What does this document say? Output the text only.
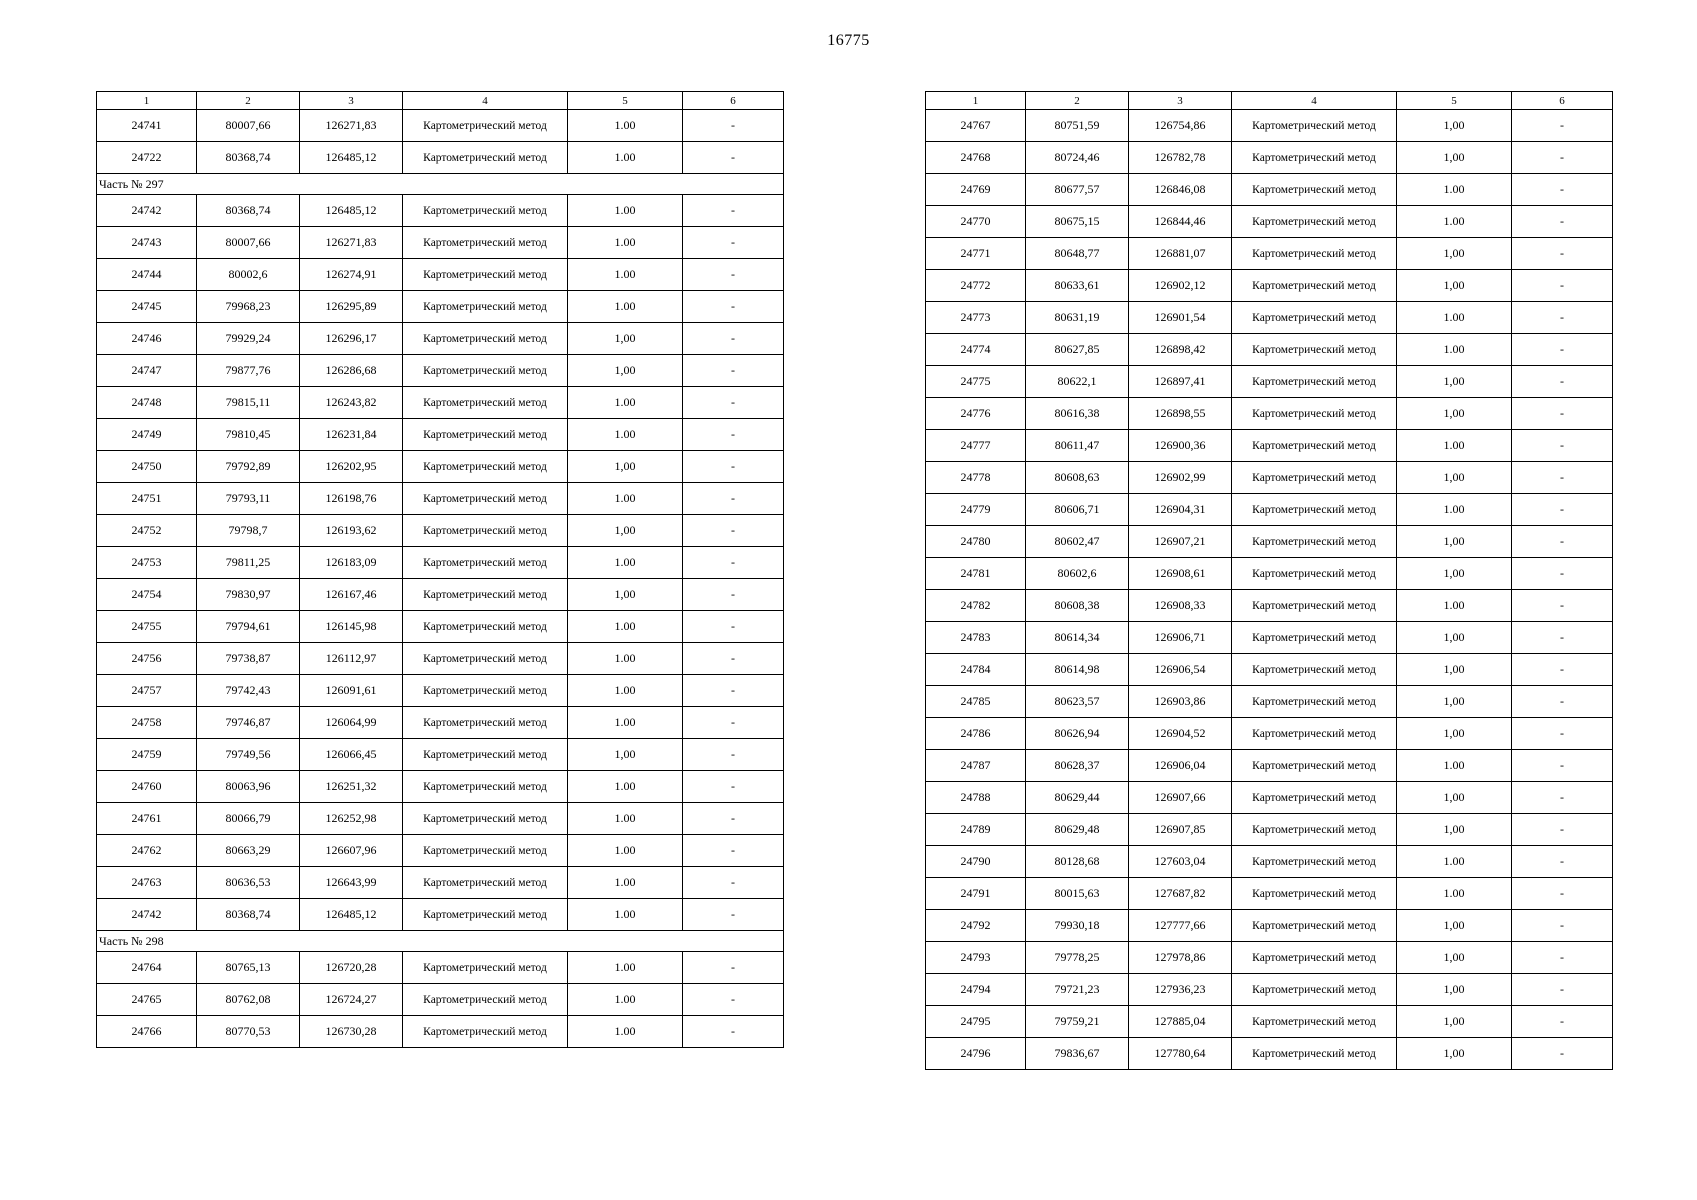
16775
1	2	3	4	5	6
24741	80007,66	126271,83	Картометрический метод	1.00	-
24722	80368,74	126485,12	Картометрический метод	1.00	-
Часть № 297					
24742	80368,74	126485,12	Картометрический метод	1.00	-
24743	80007,66	126271,83	Картометрический метод	1.00	-
24744	80002,6	126274,91	Картометрический метод	1.00	-
24745	79968,23	126295,89	Картометрический метод	1.00	-
24746	79929,24	126296,17	Картометрический метод	1,00	-
24747	79877,76	126286,68	Картометрический метод	1,00	-
24748	79815,11	126243,82	Картометрический метод	1.00	-
24749	79810,45	126231,84	Картометрический метод	1.00	-
24750	79792,89	126202,95	Картометрический метод	1,00	-
24751	79793,11	126198,76	Картометрический метод	1.00	-
24752	79798,7	126193,62	Картометрический метод	1,00	-
24753	79811,25	126183,09	Картометрический метод	1.00	-
24754	79830,97	126167,46	Картометрический метод	1,00	-
24755	79794,61	126145,98	Картометрический метод	1.00	-
24756	79738,87	126112,97	Картометрический метод	1.00	-
24757	79742,43	126091,61	Картометрический метод	1.00	-
24758	79746,87	126064,99	Картометрический метод	1.00	-
24759	79749,56	126066,45	Картометрический метод	1,00	-
24760	80063,96	126251,32	Картометрический метод	1.00	-
24761	80066,79	126252,98	Картометрический метод	1.00	-
24762	80663,29	126607,96	Картометрический метод	1.00	-
24763	80636,53	126643,99	Картометрический метод	1.00	-
24742	80368,74	126485,12	Картометрический метод	1.00	-
Часть № 298					
24764	80765,13	126720,28	Картометрический метод	1.00	-
24765	80762,08	126724,27	Картометрический метод	1.00	-
24766	80770,53	126730,28	Картометрический метод	1.00	-
1	2	3	4	5	6
24767	80751,59	126754,86	Картометрический метод	1,00	-
24768	80724,46	126782,78	Картометрический метод	1,00	-
24769	80677,57	126846,08	Картометрический метод	1.00	-
24770	80675,15	126844,46	Картометрический метод	1.00	-
24771	80648,77	126881,07	Картометрический метод	1,00	-
24772	80633,61	126902,12	Картометрический метод	1,00	-
24773	80631,19	126901,54	Картометрический метод	1.00	-
24774	80627,85	126898,42	Картометрический метод	1.00	-
24775	80622,1	126897,41	Картометрический метод	1,00	-
24776	80616,38	126898,55	Картометрический метод	1,00	-
24777	80611,47	126900,36	Картометрический метод	1.00	-
24778	80608,63	126902,99	Картометрический метод	1,00	-
24779	80606,71	126904,31	Картометрический метод	1.00	-
24780	80602,47	126907,21	Картометрический метод	1,00	-
24781	80602,6	126908,61	Картометрический метод	1,00	-
24782	80608,38	126908,33	Картометрический метод	1.00	-
24783	80614,34	126906,71	Картометрический метод	1,00	-
24784	80614,98	126906,54	Картометрический метод	1,00	-
24785	80623,57	126903,86	Картометрический метод	1,00	-
24786	80626,94	126904,52	Картометрический метод	1,00	-
24787	80628,37	126906,04	Картометрический метод	1.00	-
24788	80629,44	126907,66	Картометрический метод	1,00	-
24789	80629,48	126907,85	Картометрический метод	1,00	-
24790	80128,68	127603,04	Картометрический метод	1.00	-
24791	80015,63	127687,82	Картометрический метод	1.00	-
24792	79930,18	127777,66	Картометрический метод	1,00	-
24793	79778,25	127978,86	Картометрический метод	1,00	-
24794	79721,23	127936,23	Картометрический метод	1,00	-
24795	79759,21	127885,04	Картометрический метод	1,00	-
24796	79836,67	127780,64	Картометрический метод	1,00	-
